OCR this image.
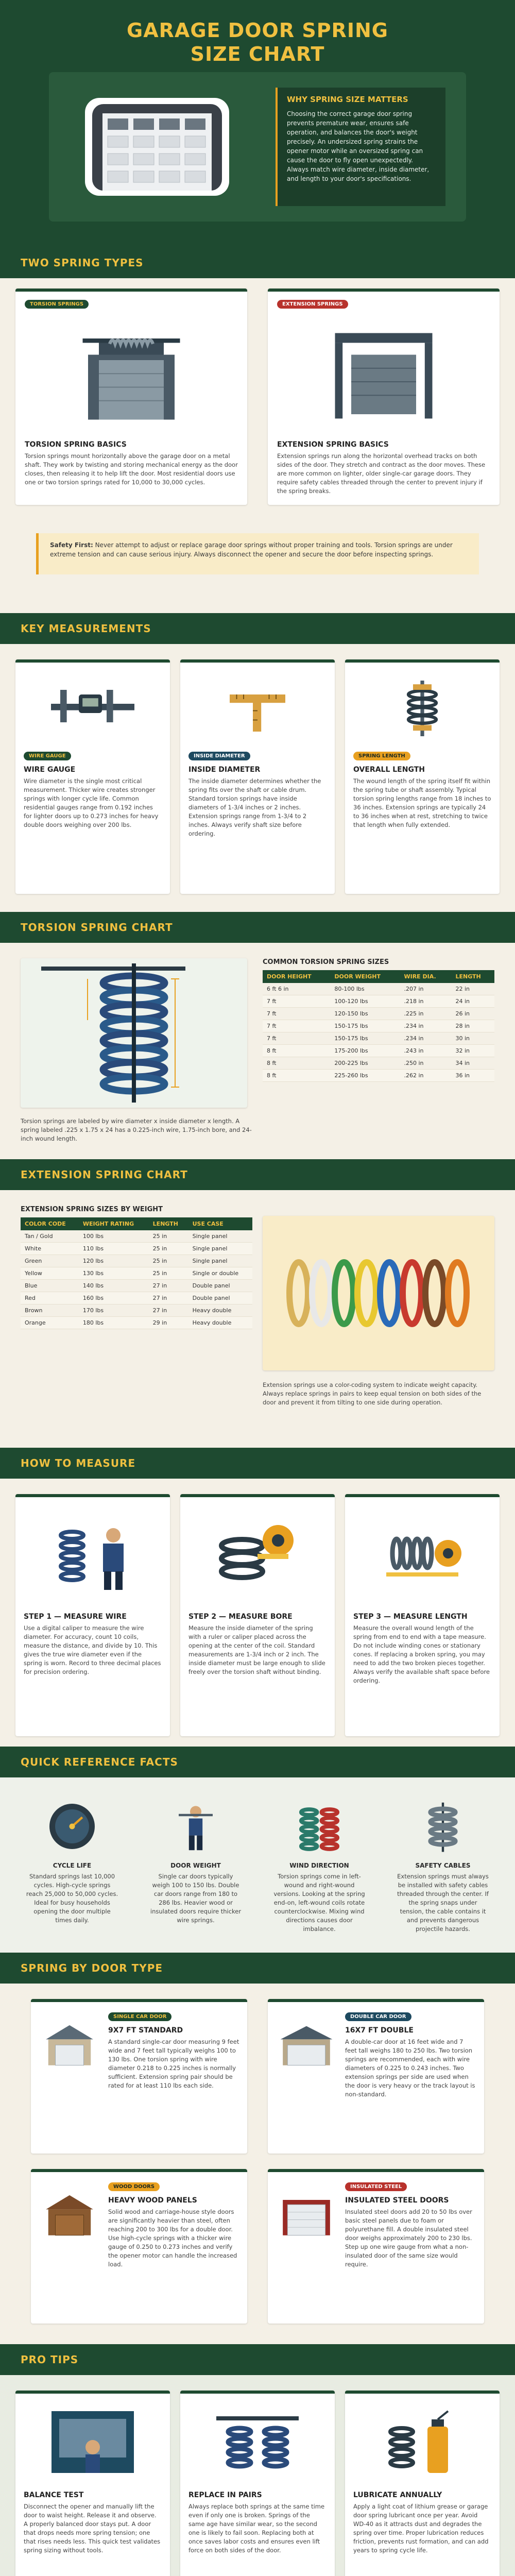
GARAGE DOOR SPRING
SIZE CHART

WHY SPRING SIZE MATTERS

Choosing the correct garage door spring prevents premature wear, ensures safe operation, and balances the door's weight precisely. An undersized spring strains the opener motor while an oversized spring can cause the door to fly open unexpectedly. Always match wire diameter, inside diameter, and length to your door's specifications.

TWO SPRING TYPES
TORSION SPRINGS
TORSION SPRING BASICS
Torsion springs mount horizontally above the garage door on a metal shaft. They work by twisting and storing mechanical energy as the door closes, then releasing it to help lift the door. Most residential doors use one or two torsion springs rated for 10,000 to 30,000 cycles.
EXTENSION SPRINGS
EXTENSION SPRING BASICS
Extension springs run along the horizontal overhead tracks on both sides of the door. They stretch and contract as the door moves. These are more common on lighter, older single-car garage doors. They require safety cables threaded through the center to prevent injury if the spring breaks.
Safety First: Never attempt to adjust or replace garage door springs without proper training and tools. Torsion springs are under extreme tension and can cause serious injury. Always disconnect the opener and secure the door before inspecting springs.
KEY MEASUREMENTS
WIRE GAUGE
WIRE GAUGE
Wire diameter is the single most critical measurement. Thicker wire creates stronger springs with longer cycle life. Common residential gauges range from 0.192 inches for lighter doors up to 0.273 inches for heavy double doors weighing over 200 lbs.
INSIDE DIAMETER
INSIDE DIAMETER
The inside diameter determines whether the spring fits over the shaft or cable drum. Standard torsion springs have inside diameters of 1-3/4 inches or 2 inches. Extension springs range from 1-3/4 to 2 inches. Always verify shaft size before ordering.
SPRING LENGTH
OVERALL LENGTH
The wound length of the spring itself fit within the spring tube or shaft assembly. Typical torsion spring lengths range from 18 inches to 36 inches. Extension springs are typically 24 to 36 inches when at rest, stretching to twice that length when fully extended.
TORSION SPRING CHART
COMMON TORSION SPRING SIZES
DOOR HEIGHT	DOOR WEIGHT	WIRE DIA.	LENGTH
6 ft 6 in	80-100 lbs	.207 in	22 in
7 ft	100-120 lbs	.218 in	24 in
7 ft	120-150 lbs	.225 in	26 in
7 ft	150-175 lbs	.234 in	28 in
7 ft	150-175 lbs	.234 in	30 in
8 ft	175-200 lbs	.243 in	32 in
8 ft	200-225 lbs	.250 in	34 in
8 ft	225-260 lbs	.262 in	36 in
Torsion springs are labeled by wire diameter x inside diameter x length. A spring labeled .225 x 1.75 x 24 has a 0.225-inch wire, 1.75-inch bore, and 24-inch wound length.
EXTENSION SPRING CHART
EXTENSION SPRING SIZES BY WEIGHT
COLOR CODE	WEIGHT RATING	LENGTH	USE CASE
Tan / Gold	100 lbs	25 in	Single panel
White	110 lbs	25 in	Single panel
Green	120 lbs	25 in	Single panel
Yellow	130 lbs	25 in	Single or double
Blue	140 lbs	27 in	Double panel
Red	160 lbs	27 in	Double panel
Brown	170 lbs	27 in	Heavy double
Orange	180 lbs	29 in	Heavy double
Extension springs use a color-coding system to indicate weight capacity. Always replace springs in pairs to keep equal tension on both sides of the door and prevent it from tilting to one side during operation.
HOW TO MEASURE
STEP 1 — MEASURE WIRE
Use a digital caliper to measure the wire diameter. For accuracy, count 10 coils, measure the distance, and divide by 10. This gives the true wire diameter even if the spring is worn. Record to three decimal places for precision ordering.
STEP 2 — MEASURE BORE
Measure the inside diameter of the spring with a ruler or caliper placed across the opening at the center of the coil. Standard measurements are 1-3/4 inch or 2 inch. The inside diameter must be large enough to slide freely over the torsion shaft without binding.
STEP 3 — MEASURE LENGTH
Measure the overall wound length of the spring from end to end with a tape measure. Do not include winding cones or stationary cones. If replacing a broken spring, you may need to add the two broken pieces together. Always verify the available shaft space before ordering.
QUICK REFERENCE FACTS
CYCLE LIFE
Standard springs last 10,000 cycles. High-cycle springs reach 25,000 to 50,000 cycles. Ideal for busy households opening the door multiple times daily.
DOOR WEIGHT
Single car doors typically weigh 100 to 150 lbs. Double car doors range from 180 to 286 lbs. Heavier wood or insulated doors require thicker wire springs.
WIND DIRECTION
Torsion springs come in left-wound and right-wound versions. Looking at the spring end-on, left-wound coils rotate counterclockwise. Mixing wind directions causes door imbalance.
SAFETY CABLES
Extension springs must always be installed with safety cables threaded through the center. If the spring snaps under tension, the cable contains it and prevents dangerous projectile hazards.
SPRING BY DOOR TYPE
SINGLE CAR DOOR
9X7 FT STANDARD
A standard single-car door measuring 9 feet wide and 7 feet tall typically weighs 100 to 130 lbs. One torsion spring with wire diameter 0.218 to 0.225 inches is normally sufficient. Extension spring pair should be rated for at least 110 lbs each side.
DOUBLE CAR DOOR
16X7 FT DOUBLE
A double-car door at 16 feet wide and 7 feet tall weighs 180 to 250 lbs. Two torsion springs are recommended, each with wire diameters of 0.225 to 0.243 inches. Two extension springs per side are used when the door is very heavy or the track layout is non-standard.
WOOD DOORS
HEAVY WOOD PANELS
Solid wood and carriage-house style doors are significantly heavier than steel, often reaching 200 to 300 lbs for a double door. Use high-cycle springs with a thicker wire gauge of 0.250 to 0.273 inches and verify the opener motor can handle the increased load.
INSULATED STEEL
INSULATED STEEL DOORS
Insulated steel doors add 20 to 50 lbs over basic steel panels due to foam or polyurethane fill. A double insulated steel door weighs approximately 200 to 230 lbs. Step up one wire gauge from what a non-insulated door of the same size would require.
PRO TIPS
BALANCE TEST
Disconnect the opener and manually lift the door to waist height. Release it and observe. A properly balanced door stays put. A door that drops needs more spring tension; one that rises needs less. This quick test validates spring sizing without tools.
REPLACE IN PAIRS
Always replace both springs at the same time even if only one is broken. Springs of the same age have similar wear, so the second one is likely to fail soon. Replacing both at once saves labor costs and ensures even lift force on both sides of the door.
LUBRICATE ANNUALLY
Apply a light coat of lithium grease or garage door spring lubricant once per year. Avoid WD-40 as it attracts dust and degrades the spring over time. Proper lubrication reduces friction, prevents rust formation, and can add years to spring cycle life.
